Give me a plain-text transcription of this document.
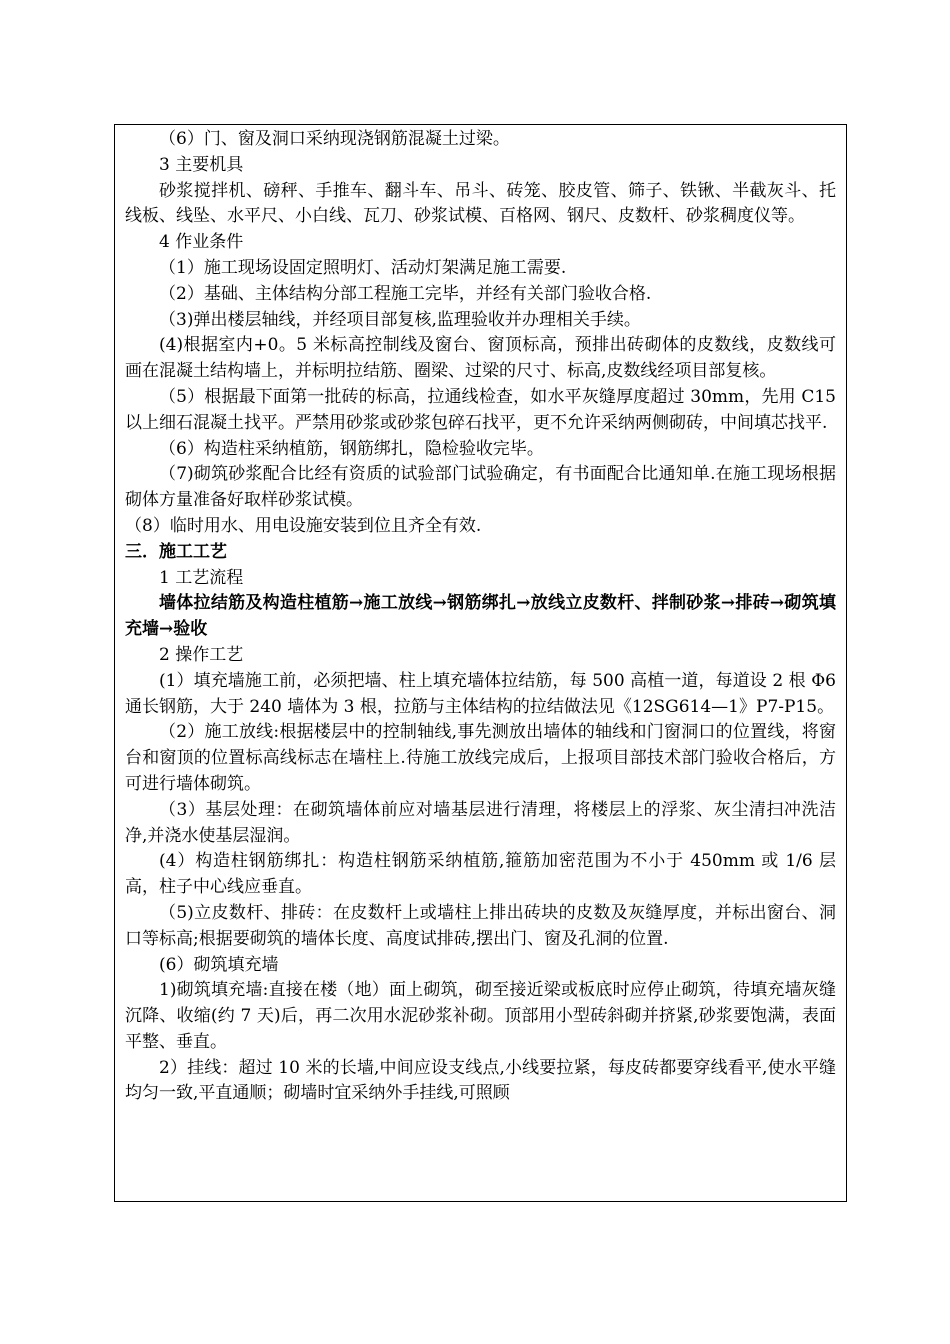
（6）门、窗及洞口采纳现浇钢筋混凝土过梁。

3 主要机具

砂浆搅拌机、磅秤、手推车、翻斗车、吊斗、砖笼、胶皮管、筛子、铁锹、半截灰斗、托线板、线坠、水平尺、小白线、瓦刀、砂浆试模、百格网、钢尺、皮数杆、砂浆稠度仪等。

4 作业条件

（1）施工现场设固定照明灯、活动灯架满足施工需要.

（2）基础、主体结构分部工程施工完毕，并经有关部门验收合格.

（3)弹出楼层轴线，并经项目部复核,监理验收并办理相关手续。

(4)根据室内+0。5 米标高控制线及窗台、窗顶标高，预排出砖砌体的皮数线，皮数线可画在混凝土结构墙上，并标明拉结筋、圈梁、过梁的尺寸、标高,皮数线经项目部复核。

（5）根据最下面第一批砖的标高，拉通线检查，如水平灰缝厚度超过 30mm，先用 C15 以上细石混凝土找平。严禁用砂浆或砂浆包碎石找平，更不允许采纳两侧砌砖，中间填芯找平.

（6）构造柱采纳植筋，钢筋绑扎，隐检验收完毕。

（7)砌筑砂浆配合比经有资质的试验部门试验确定，有书面配合比通知单.在施工现场根据砌体方量准备好取样砂浆试模。

（8）临时用水、用电设施安装到位且齐全有效.

三．施工工艺

1 工艺流程

墙体拉结筋及构造柱植筋→施工放线→钢筋绑扎→放线立皮数杆、拌制砂浆→排砖→砌筑填充墙→验收

2 操作工艺

(1）填充墙施工前，必须把墙、柱上填充墙体拉结筋，每 500 高植一道，每道设 2 根 Φ6 通长钢筋，大于 240 墙体为 3 根，拉筋与主体结构的拉结做法见《12SG614—1》P7-P15。

（2）施工放线:根据楼层中的控制轴线,事先测放出墙体的轴线和门窗洞口的位置线，将窗台和窗顶的位置标高线标志在墙柱上.待施工放线完成后，上报项目部技术部门验收合格后，方可进行墙体砌筑。

（3）基层处理：在砌筑墙体前应对墙基层进行清理，将楼层上的浮浆、灰尘清扫冲洗洁净,并浇水使基层湿润。

(4）构造柱钢筋绑扎：构造柱钢筋采纳植筋,箍筋加密范围为不小于 450mm 或 1/6 层高，柱子中心线应垂直。

（5)立皮数杆、排砖：在皮数杆上或墙柱上排出砖块的皮数及灰缝厚度，并标出窗台、洞口等标高;根据要砌筑的墙体长度、高度试排砖,摆出门、窗及孔洞的位置.

(6）砌筑填充墙

1)砌筑填充墙:直接在楼（地）面上砌筑，砌至接近梁或板底时应停止砌筑，待填充墙灰缝沉降、收缩(约 7 天)后，再二次用水泥砂浆补砌。顶部用小型砖斜砌并挤紧,砂浆要饱满，表面平整、垂直。

2）挂线：超过 10 米的长墙,中间应设支线点,小线要拉紧，每皮砖都要穿线看平,使水平缝均匀一致,平直通顺；砌墙时宜采纳外手挂线,可照顾
